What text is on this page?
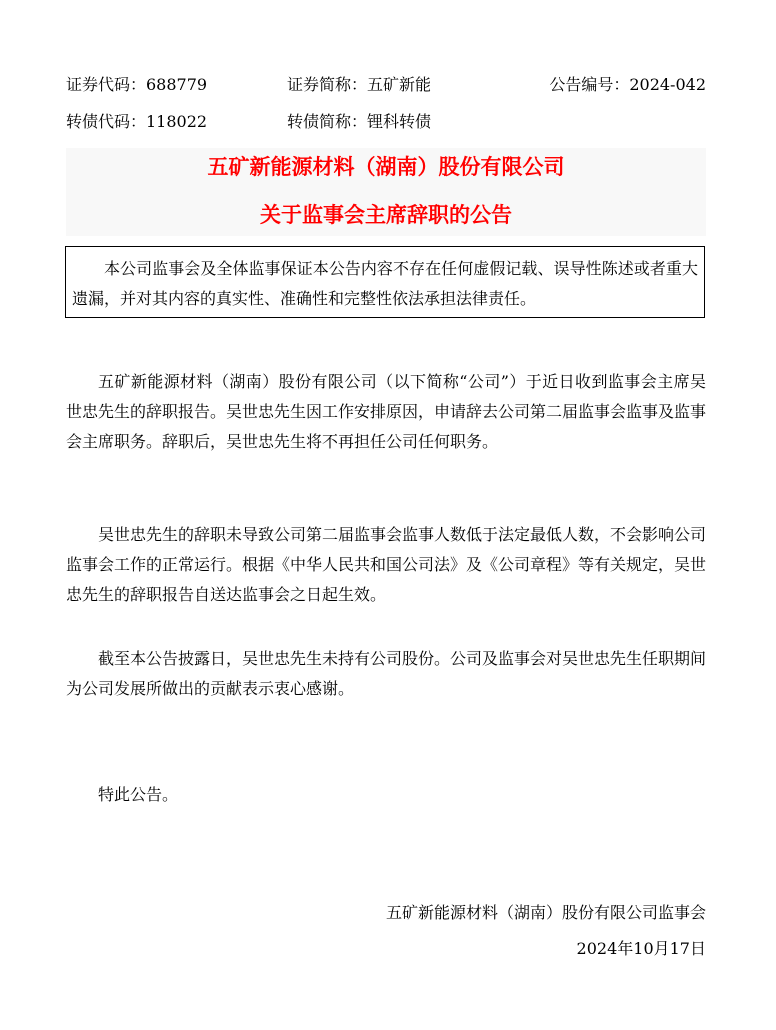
证券代码：688779	证券简称：五矿新能	公告编号：2024-042
转债代码：118022	转债简称：锂科转债
五矿新能源材料（湖南）股份有限公司
关于监事会主席辞职的公告
本公司监事会及全体监事保证本公告内容不存在任何虚假记载、误导性陈述或者重大遗漏，并对其内容的真实性、准确性和完整性依法承担法律责任。
五矿新能源材料（湖南）股份有限公司（以下简称“公司”）于近日收到监事会主席吴世忠先生的辞职报告。吴世忠先生因工作安排原因，申请辞去公司第二届监事会监事及监事会主席职务。辞职后，吴世忠先生将不再担任公司任何职务。
吴世忠先生的辞职未导致公司第二届监事会监事人数低于法定最低人数，不会影响公司监事会工作的正常运行。根据《中华人民共和国公司法》及《公司章程》等有关规定，吴世忠先生的辞职报告自送达监事会之日起生效。
截至本公告披露日，吴世忠先生未持有公司股份。公司及监事会对吴世忠先生任职期间为公司发展所做出的贡献表示衷心感谢。
特此公告。
五矿新能源材料（湖南）股份有限公司监事会
2024年10月17日
